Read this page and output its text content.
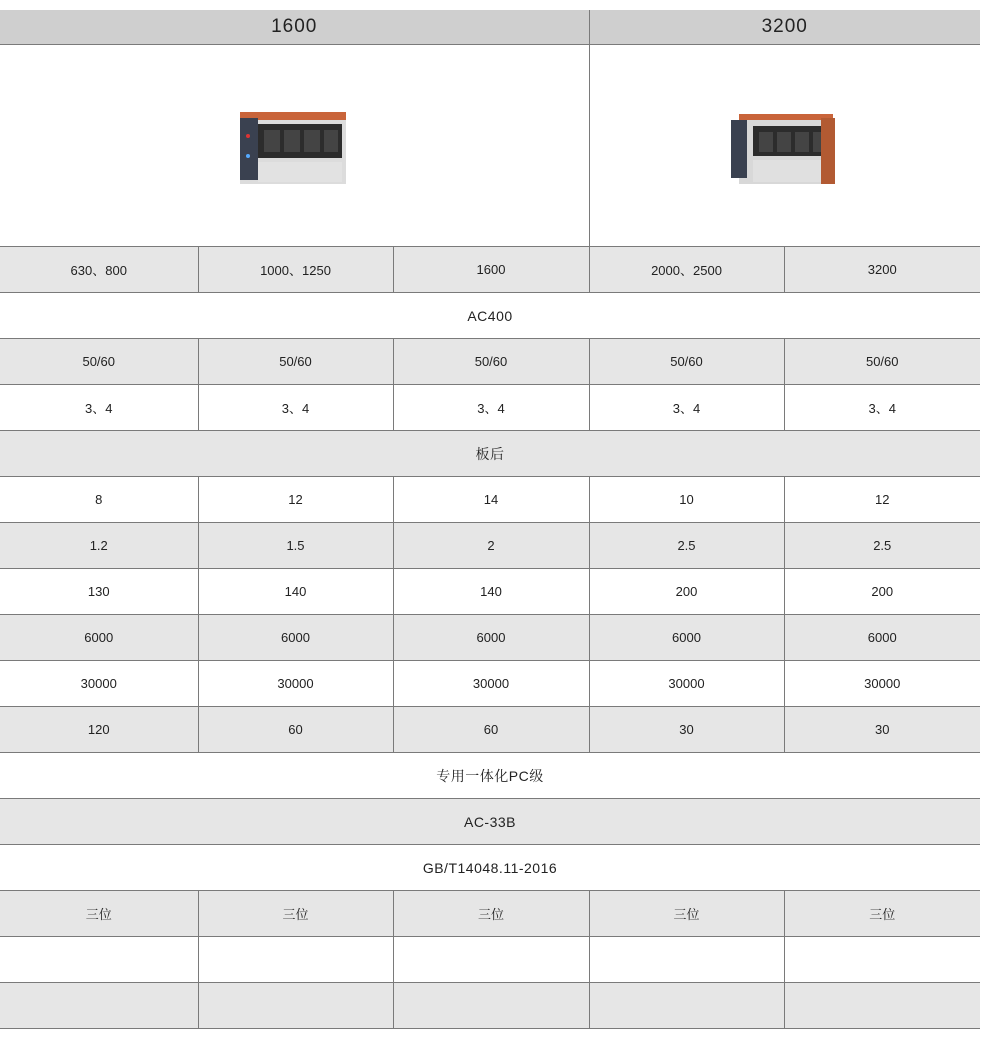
1600			3200	

630、800	1000、1250	1600	2000、2500	3200
AC400				
50/60	50/60	50/60	50/60	50/60
3、4	3、4	3、4	3、4	3、4
板后				
8	12	14	10	12
1.2	1.5	2	2.5	2.5
130	140	140	200	200
6000	6000	6000	6000	6000
30000	30000	30000	30000	30000
120	60	60	30	30
专用一体化PC级				
AC-33B				
GB/T14048.11-2016				
三位	三位	三位	三位	三位
